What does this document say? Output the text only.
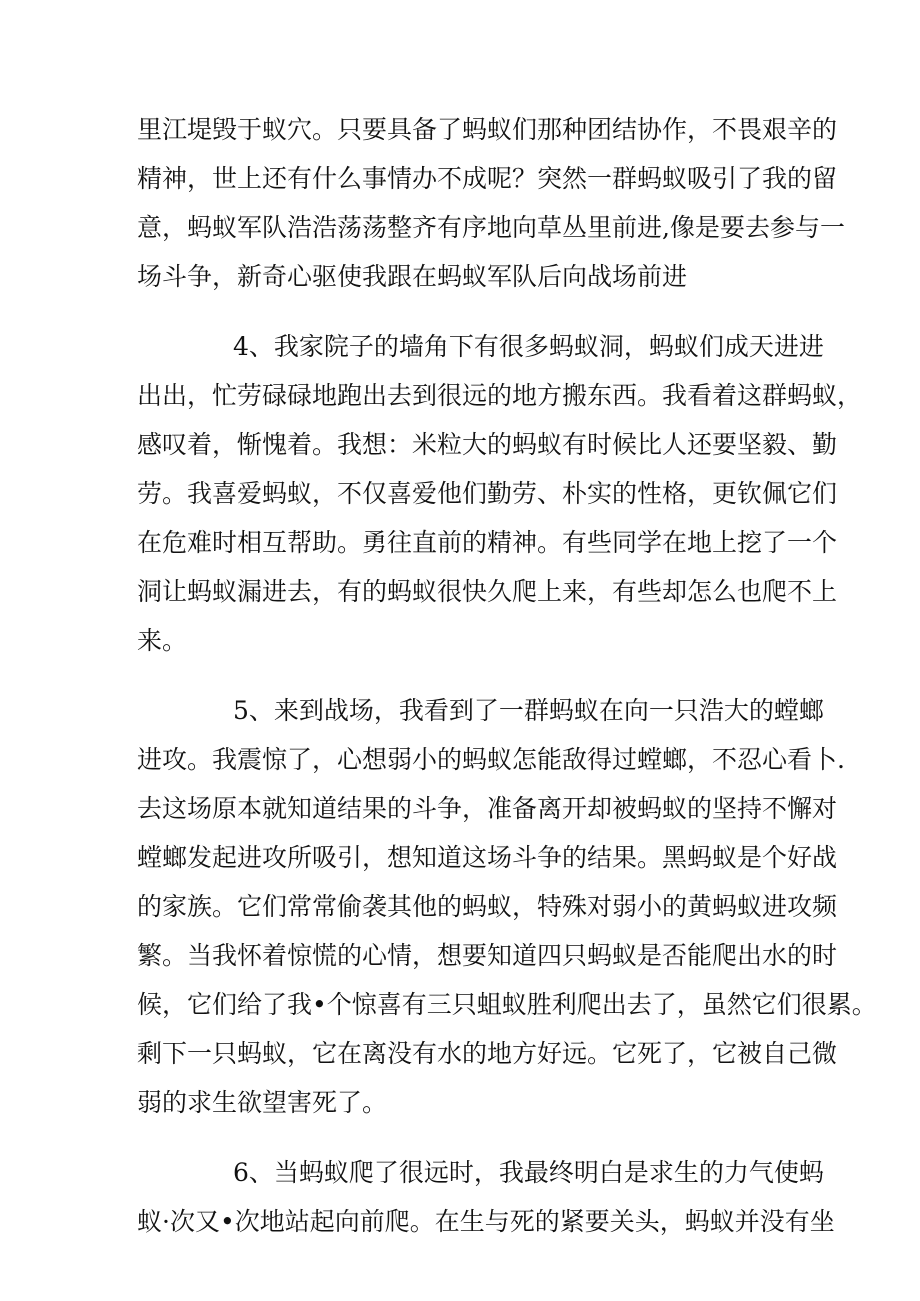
里江堤毁于蚁穴。只要具备了蚂蚁们那种团结协作，不畏艰辛的
精神，世上还有什么事情办不成呢？突然一群蚂蚁吸引了我的留
意，蚂蚁军队浩浩荡荡整齐有序地向草丛里前进,像是要去参与一
场斗争，新奇心驱使我跟在蚂蚁军队后向战场前进
4、我家院子的墙角下有很多蚂蚁洞，蚂蚁们成天进进
出出，忙劳碌碌地跑出去到很远的地方搬东西。我看着这群蚂蚁，
感叹着，惭愧着。我想：米粒大的蚂蚁有时候比人还要坚毅、勤
劳。我喜爱蚂蚁，不仅喜爱他们勤劳、朴实的性格，更钦佩它们
在危难时相互帮助。勇往直前的精神。有些同学在地上挖了一个
洞让蚂蚁漏进去，有的蚂蚁很快久爬上来，有些却怎么也爬不上
来。
5、来到战场，我看到了一群蚂蚁在向一只浩大的螳螂
进攻。我震惊了，心想弱小的蚂蚁怎能敌得过螳螂，不忍心看卜.
去这场原本就知道结果的斗争，准备离开却被蚂蚁的坚持不懈对
螳螂发起进攻所吸引，想知道这场斗争的结果。黑蚂蚁是个好战
的家族。它们常常偷袭其他的蚂蚁，特殊对弱小的黄蚂蚁进攻频
繁。当我怀着惊慌的心情，想要知道四只蚂蚁是否能爬出水的时
候，它们给了我•个惊喜有三只蛆蚁胜利爬出去了，虽然它们很累。
剩下一只蚂蚁，它在离没有水的地方好远。它死了，它被自己微
弱的求生欲望害死了。
6、当蚂蚁爬了很远时，我最终明白是求生的力气使蚂
蚁·次又•次地站起向前爬。在生与死的紧要关头，蚂蚁并没有坐
